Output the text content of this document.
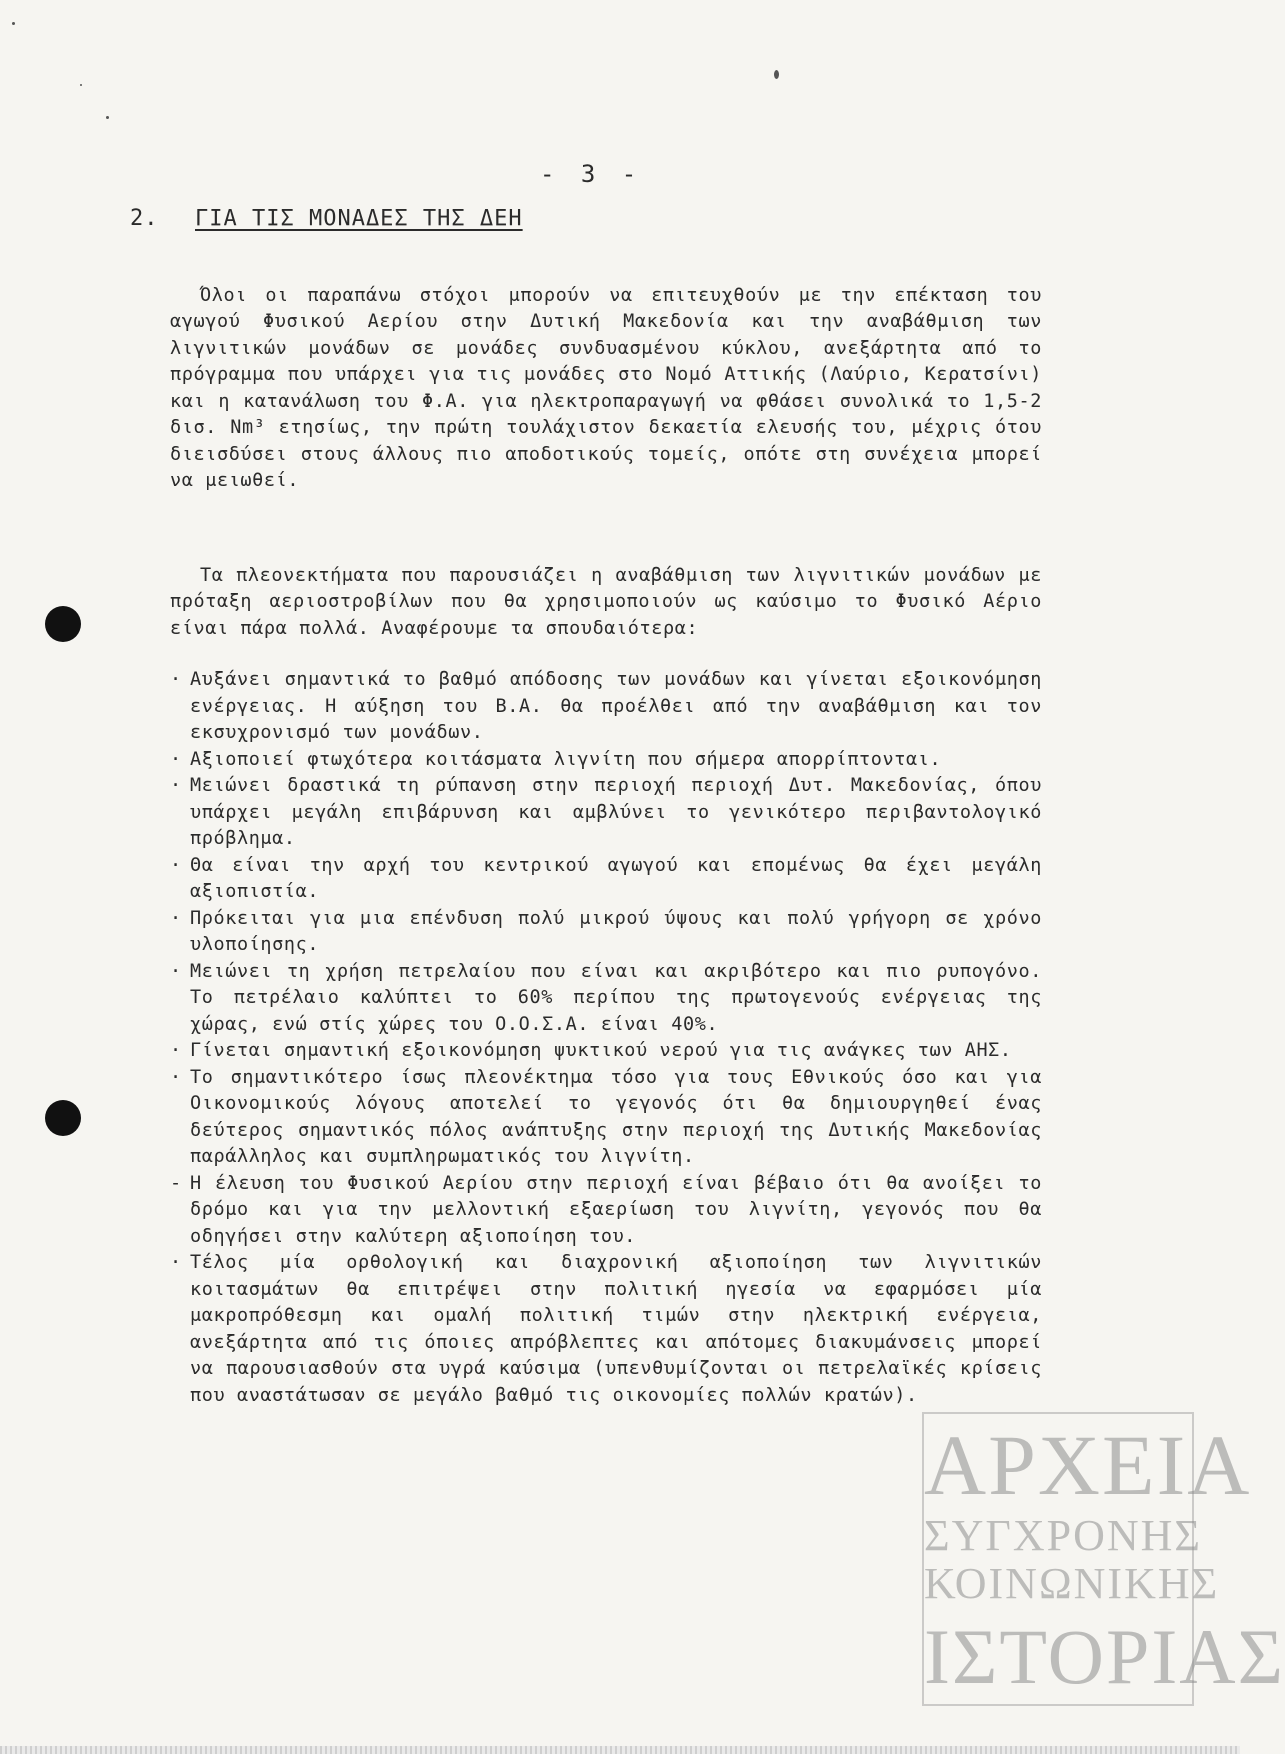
- 3 -
2. ΓΙΑ ΤΙΣ ΜΟΝΑΔΕΣ ΤΗΣ ΔΕΗ

Όλοι οι παραπάνω στόχοι μπορούν να επιτευχθούν με την επέκταση του αγωγού Φυσικού Αερίου στην Δυτική Μακεδονία και την αναβάθμιση των λιγνιτικών μονάδων σε μονάδες συνδυασμένου κύκλου, ανεξάρτητα από το πρόγραμμα που υπάρχει για τις μονάδες στο Νομό Αττικής (Λαύριο, Κερατσίνι) και η κατανάλωση του Φ.Α. για ηλεκτροπαραγωγή να φθάσει συνολικά το 1,5-2 δισ. Nm³ ετησίως, την πρώτη τουλάχιστον δεκαετία ελευσής του, μέχρις ότου διεισδύσει στους άλλους πιο αποδοτικούς τομείς, οπότε στη συνέχεια μπορεί να μειωθεί.

Τα πλεονεκτήματα που παρουσιάζει η αναβάθμιση των λιγνιτικών μονάδων με πρόταξη αεριοστροβίλων που θα χρησιμοποιούν ως καύσιμο το Φυσικό Αέριο είναι πάρα πολλά. Αναφέρουμε τα σπουδαιότερα:

· Αυξάνει σημαντικά το βαθμό απόδοσης των μονάδων και γίνεται εξοικονόμηση ενέργειας. Η αύξηση του Β.Α. θα προέλθει από την αναβάθμιση και τον εκσυχρονισμό των μονάδων.
· Αξιοποιεί φτωχότερα κοιτάσματα λιγνίτη που σήμερα απορρίπτονται.
· Μειώνει δραστικά τη ρύπανση στην περιοχή περιοχή Δυτ. Μακεδονίας, όπου υπάρχει μεγάλη επιβάρυνση και αμβλύνει το γενικότερο περιβαντολογικό πρόβλημα.
· Θα είναι την αρχή του κεντρικού αγωγού και επομένως θα έχει μεγάλη αξιοπιστία.
· Πρόκειται για μια επένδυση πολύ μικρού ύψους και πολύ γρήγορη σε χρόνο υλοποίησης.
· Μειώνει τη χρήση πετρελαίου που είναι και ακριβότερο και πιο ρυπογόνο. Το πετρέλαιο καλύπτει το 60% περίπου της πρωτογενούς ενέργειας της χώρας, ενώ στίς χώρες του Ο.Ο.Σ.Α. είναι 40%.
· Γίνεται σημαντική εξοικονόμηση ψυκτικού νερού για τις ανάγκες των ΑΗΣ.
· Το σημαντικότερο ίσως πλεονέκτημα τόσο για τους Εθνικούς όσο και για Οικονομικούς λόγους αποτελεί το γεγονός ότι θα δημιουργηθεί ένας δεύτερος σημαντικός πόλος ανάπτυξης στην περιοχή της Δυτικής Μακεδονίας παράλληλος και συμπληρωματικός του λιγνίτη.
- Η έλευση του Φυσικού Αερίου στην περιοχή είναι βέβαιο ότι θα ανοίξει το δρόμο και για την μελλοντική εξαερίωση του λιγνίτη, γεγονός που θα οδηγήσει στην καλύτερη αξιοποίηση του.
· Τέλος μία ορθολογική και διαχρονική αξιοποίηση των λιγνιτικών κοιτασμάτων θα επιτρέψει στην πολιτική ηγεσία να εφαρμόσει μία μακροπρόθεσμη και ομαλή πολιτική τιμών στην ηλεκτρική ενέργεια, ανεξάρτητα από τις όποιες απρόβλεπτες και απότομες διακυμάνσεις μπορεί να παρουσιασθούν στα υγρά καύσιμα (υπενθυμίζονται οι πετρελαϊκές κρίσεις που αναστάτωσαν σε μεγάλο βαθμό τις οικονομίες πολλών κρατών).
ΑΡΧΕΙΑ
ΣΥΓΧΡΟΝΗΣ
ΚΟΙΝΩΝΙΚΗΣ
ΙΣΤΟΡΙΑΣ
